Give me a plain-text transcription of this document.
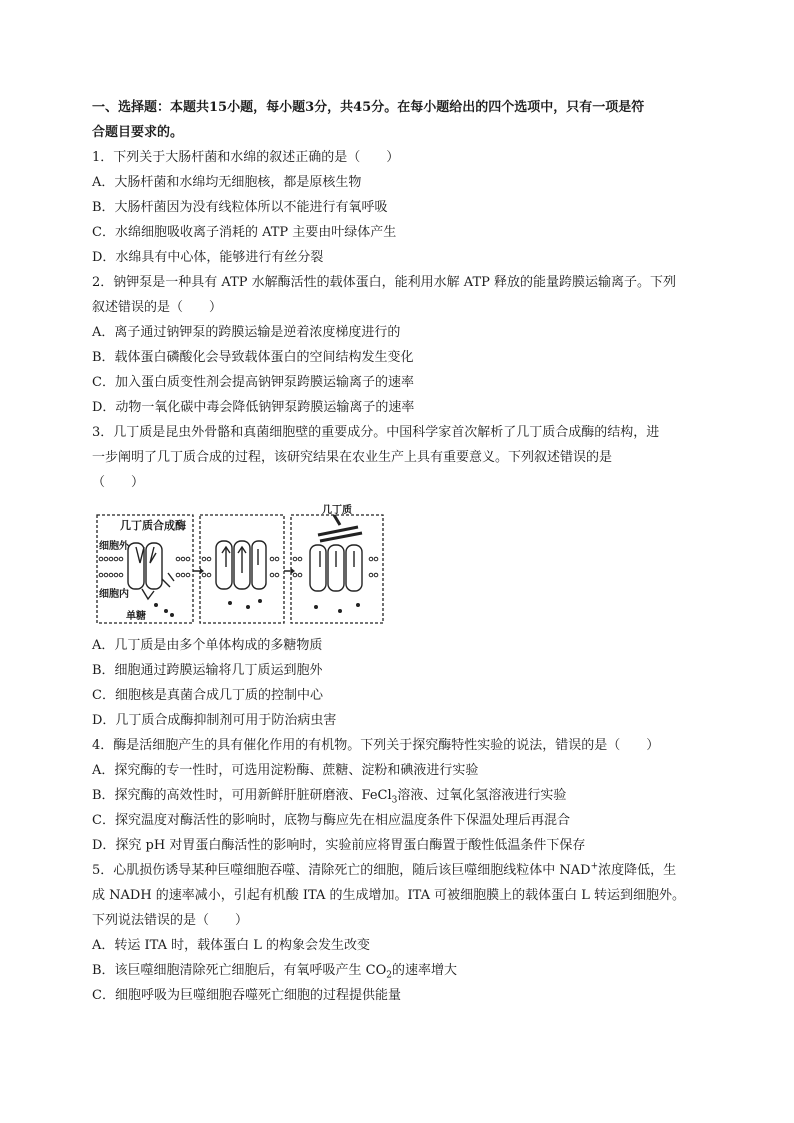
一、选择题：本题共15小题，每小题3分，共45分。在每小题给出的四个选项中，只有一项是符
合题目要求的。
1．下列关于大肠杆菌和水绵的叙述正确的是（　　）
A．大肠杆菌和水绵均无细胞核，都是原核生物
B．大肠杆菌因为没有线粒体所以不能进行有氧呼吸
C．水绵细胞吸收离子消耗的 ATP 主要由叶绿体产生
D．水绵具有中心体，能够进行有丝分裂
2．钠钾泵是一种具有 ATP 水解酶活性的载体蛋白，能利用水解 ATP 释放的能量跨膜运输离子。下列
叙述错误的是（　　）
A．离子通过钠钾泵的跨膜运输是逆着浓度梯度进行的
B．载体蛋白磷酸化会导致载体蛋白的空间结构发生变化
C．加入蛋白质变性剂会提高钠钾泵跨膜运输离子的速率
D．动物一氧化碳中毒会降低钠钾泵跨膜运输离子的速率
3．几丁质是昆虫外骨骼和真菌细胞壁的重要成分。中国科学家首次解析了几丁质合成酶的结构，进
一步阐明了几丁质合成的过程，该研究结果在农业生产上具有重要意义。下列叙述错误的是
（　　）
几丁质合成酶
细胞外
细胞内
单糖
几丁质
A．几丁质是由多个单体构成的多糖物质
B．细胞通过跨膜运输将几丁质运到胞外
C．细胞核是真菌合成几丁质的控制中心
D．几丁质合成酶抑制剂可用于防治病虫害
4．酶是活细胞产生的具有催化作用的有机物。下列关于探究酶特性实验的说法，错误的是（　　）
A．探究酶的专一性时，可选用淀粉酶、蔗糖、淀粉和碘液进行实验
B．探究酶的高效性时，可用新鲜肝脏研磨液、FeCl$_3$溶液、过氧化氢溶液进行实验
C．探究温度对酶活性的影响时，底物与酶应先在相应温度条件下保温处理后再混合
D．探究 pH 对胃蛋白酶活性的影响时，实验前应将胃蛋白酶置于酸性低温条件下保存
5．心肌损伤诱导某种巨噬细胞吞噬、清除死亡的细胞，随后该巨噬细胞线粒体中 NAD+浓度降低，生
成 NADH 的速率减小，引起有机酸 ITA 的生成增加。ITA 可被细胞膜上的载体蛋白 L 转运到细胞外。
下列说法错误的是（　　）
A．转运 ITA 时，载体蛋白 L 的构象会发生改变
B．该巨噬细胞清除死亡细胞后，有氧呼吸产生 $CO_2$的速率增大
C．细胞呼吸为巨噬细胞吞噬死亡细胞的过程提供能量
